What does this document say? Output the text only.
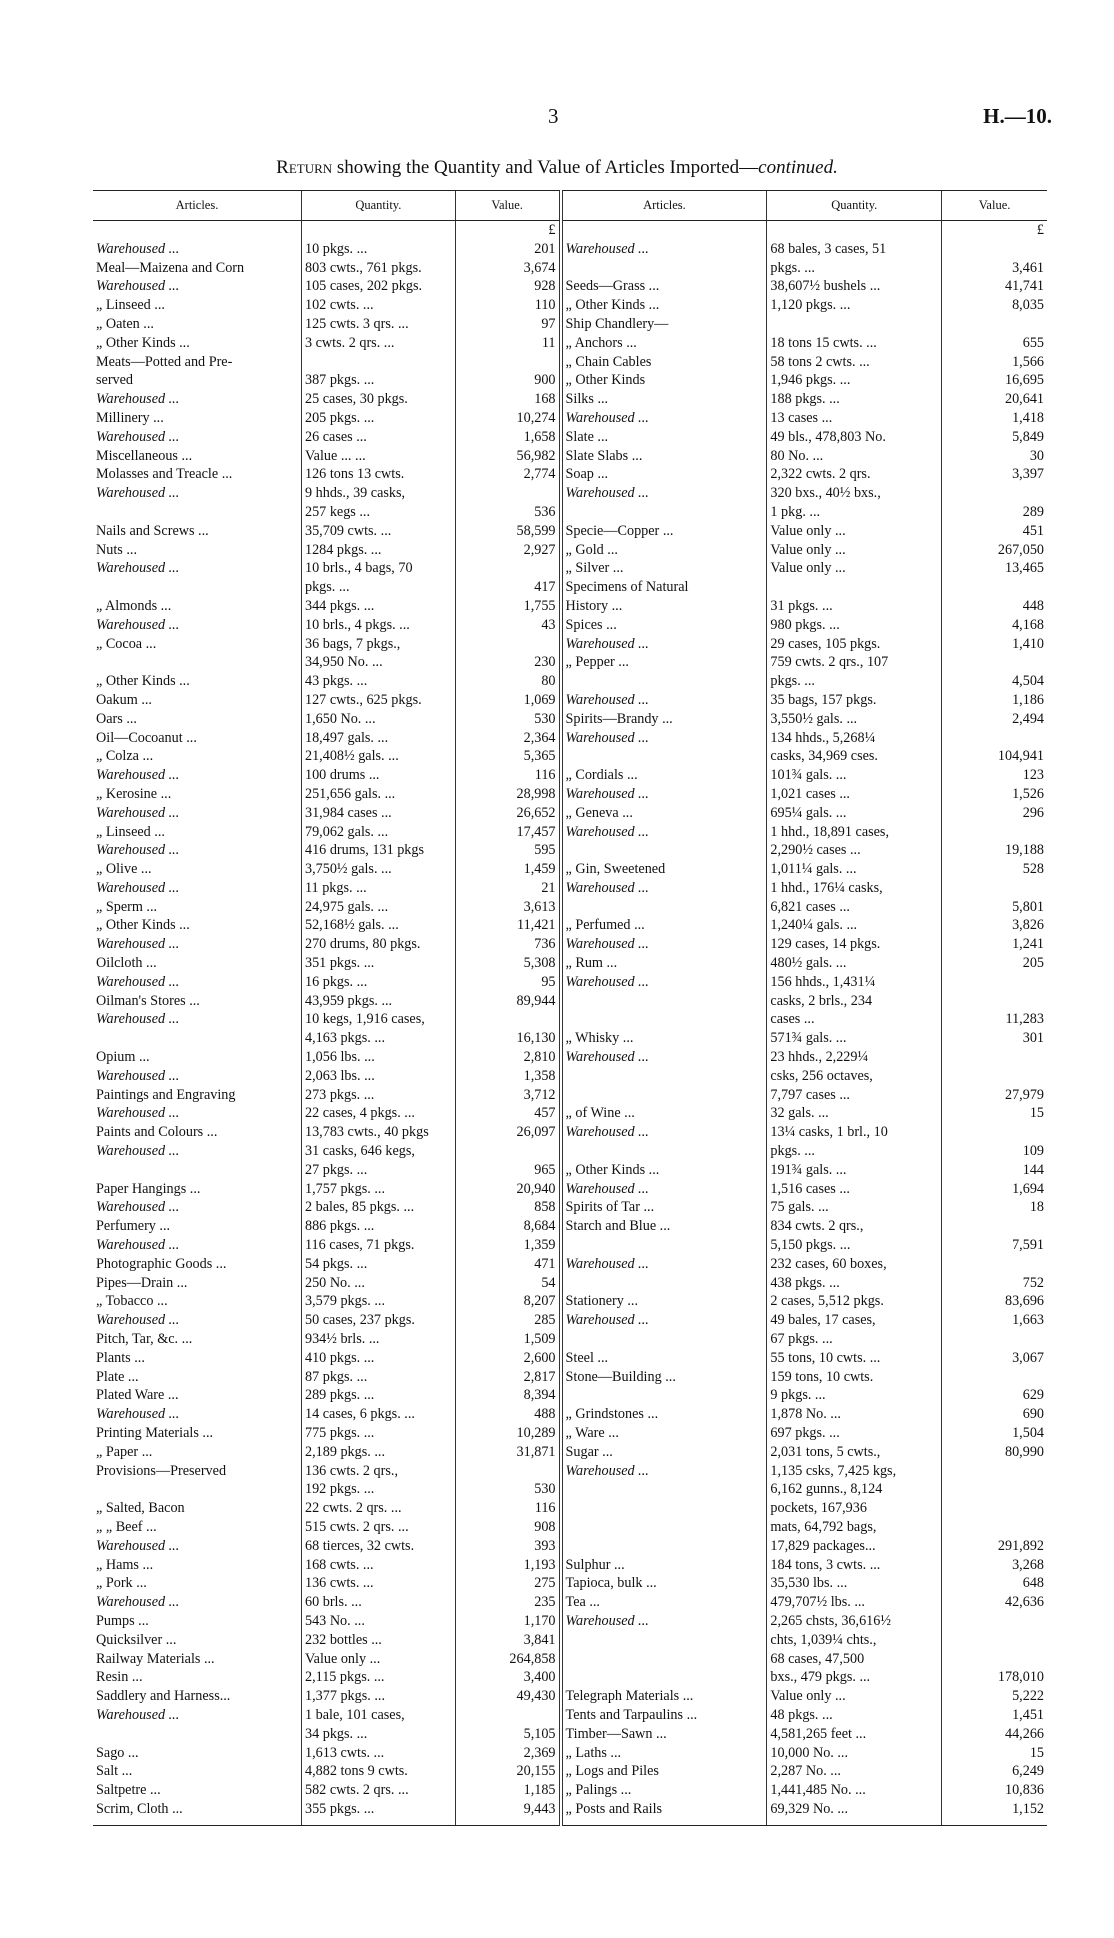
3	H.—10.
Return showing the Quantity and Value of Articles Imported—continued.
Articles.	Quantity.	Value.	Articles.	Quantity.	Value.
		£			£
Warehoused ...	10 pkgs. ...	201	Warehoused ...	68 bales, 3 cases, 51	
Meal—Maizena and Corn	803 cwts., 761 pkgs.	3,674		pkgs. ...	3,461
Warehoused ...	105 cases, 202 pkgs.	928	Seeds—Grass ...	38,607½ bushels ...	41,741
„ Linseed ...	102 cwts. ...	110	„ Other Kinds ...	1,120 pkgs. ...	8,035
„ Oaten ...	125 cwts. 3 qrs. ...	97	Ship Chandlery—		
„ Other Kinds ...	3 cwts. 2 qrs. ...	11	„ Anchors ...	18 tons 15 cwts. ...	655
Meats—Potted and Pre-			„ Chain Cables	58 tons 2 cwts. ...	1,566
served	387 pkgs. ...	900	„ Other Kinds	1,946 pkgs. ...	16,695
Warehoused ...	25 cases, 30 pkgs.	168	Silks ...	188 pkgs. ...	20,641
Millinery ...	205 pkgs. ...	10,274	Warehoused ...	13 cases ...	1,418
Warehoused ...	26 cases ...	1,658	Slate ...	49 bls., 478,803 No.	5,849
Miscellaneous ...	Value ... ...	56,982	Slate Slabs ...	80 No. ...	30
Molasses and Treacle ...	126 tons 13 cwts.	2,774	Soap ...	2,322 cwts. 2 qrs.	3,397
Warehoused ...	9 hhds., 39 casks,		Warehoused ...	320 bxs., 40½ bxs.,	
	257 kegs ...	536		1 pkg. ...	289
Nails and Screws ...	35,709 cwts. ...	58,599	Specie—Copper ...	Value only ...	451
Nuts ...	1284 pkgs. ...	2,927	„ Gold ...	Value only ...	267,050
Warehoused ...	10 brls., 4 bags, 70		„ Silver ...	Value only ...	13,465
	pkgs. ...	417	Specimens of Natural		
„ Almonds ...	344 pkgs. ...	1,755	History ...	31 pkgs. ...	448
Warehoused ...	10 brls., 4 pkgs. ...	43	Spices ...	980 pkgs. ...	4,168
„ Cocoa ...	36 bags, 7 pkgs.,		Warehoused ...	29 cases, 105 pkgs.	1,410
	34,950 No. ...	230	„ Pepper ...	759 cwts. 2 qrs., 107	
„ Other Kinds ...	43 pkgs. ...	80		pkgs. ...	4,504
Oakum ...	127 cwts., 625 pkgs.	1,069	Warehoused ...	35 bags, 157 pkgs.	1,186
Oars ...	1,650 No. ...	530	Spirits—Brandy ...	3,550½ gals. ...	2,494
Oil—Cocoanut ...	18,497 gals. ...	2,364	Warehoused ...	134 hhds., 5,268¼	
„ Colza ...	21,408½ gals. ...	5,365		casks, 34,969 cses.	104,941
Warehoused ...	100 drums ...	116	„ Cordials ...	101¾ gals. ...	123
„ Kerosine ...	251,656 gals. ...	28,998	Warehoused ...	1,021 cases ...	1,526
Warehoused ...	31,984 cases ...	26,652	„ Geneva ...	695¼ gals. ...	296
„ Linseed ...	79,062 gals. ...	17,457	Warehoused ...	1 hhd., 18,891 cases,	
Warehoused ...	416 drums, 131 pkgs	595		2,290½ cases ...	19,188
„ Olive ...	3,750½ gals. ...	1,459	„ Gin, Sweetened	1,011¼ gals. ...	528
Warehoused ...	11 pkgs. ...	21	Warehoused ...	1 hhd., 176¼ casks,	
„ Sperm ...	24,975 gals. ...	3,613		6,821 cases ...	5,801
„ Other Kinds ...	52,168½ gals. ...	11,421	„ Perfumed ...	1,240¼ gals. ...	3,826
Warehoused ...	270 drums, 80 pkgs.	736	Warehoused ...	129 cases, 14 pkgs.	1,241
Oilcloth ...	351 pkgs. ...	5,308	„ Rum ...	480½ gals. ...	205
Warehoused ...	16 pkgs. ...	95	Warehoused ...	156 hhds., 1,431¼	
Oilman's Stores ...	43,959 pkgs. ...	89,944		casks, 2 brls., 234	
Warehoused ...	10 kegs, 1,916 cases,			cases ...	11,283
	4,163 pkgs. ...	16,130	„ Whisky ...	571¾ gals. ...	301
Opium ...	1,056 lbs. ...	2,810	Warehoused ...	23 hhds., 2,229¼	
Warehoused ...	2,063 lbs. ...	1,358		csks, 256 octaves,	
Paintings and Engraving	273 pkgs. ...	3,712		7,797 cases ...	27,979
Warehoused ...	22 cases, 4 pkgs. ...	457	„ of Wine ...	32 gals. ...	15
Paints and Colours ...	13,783 cwts., 40 pkgs	26,097	Warehoused ...	13¼ casks, 1 brl., 10	
Warehoused ...	31 casks, 646 kegs,			pkgs. ...	109
	27 pkgs. ...	965	„ Other Kinds ...	191¾ gals. ...	144
Paper Hangings ...	1,757 pkgs. ...	20,940	Warehoused ...	1,516 cases ...	1,694
Warehoused ...	2 bales, 85 pkgs. ...	858	Spirits of Tar ...	75 gals. ...	18
Perfumery ...	886 pkgs. ...	8,684	Starch and Blue ...	834 cwts. 2 qrs.,	
Warehoused ...	116 cases, 71 pkgs.	1,359		5,150 pkgs. ...	7,591
Photographic Goods ...	54 pkgs. ...	471	Warehoused ...	232 cases, 60 boxes,	
Pipes—Drain ...	250 No. ...	54		438 pkgs. ...	752
„ Tobacco ...	3,579 pkgs. ...	8,207	Stationery ...	2 cases, 5,512 pkgs.	83,696
Warehoused ...	50 cases, 237 pkgs.	285	Warehoused ...	49 bales, 17 cases,	1,663
Pitch, Tar, &c. ...	934½ brls. ...	1,509		67 pkgs. ...	
Plants ...	410 pkgs. ...	2,600	Steel ...	55 tons, 10 cwts. ...	3,067
Plate ...	87 pkgs. ...	2,817	Stone—Building ...	159 tons, 10 cwts.	
Plated Ware ...	289 pkgs. ...	8,394		9 pkgs. ...	629
Warehoused ...	14 cases, 6 pkgs. ...	488	„ Grindstones ...	1,878 No. ...	690
Printing Materials ...	775 pkgs. ...	10,289	„ Ware ...	697 pkgs. ...	1,504
„ Paper ...	2,189 pkgs. ...	31,871	Sugar ...	2,031 tons, 5 cwts.,	80,990
Provisions—Preserved	136 cwts. 2 qrs.,		Warehoused ...	1,135 csks, 7,425 kgs,	
	192 pkgs. ...	530		6,162 gunns., 8,124	
„ Salted, Bacon	22 cwts. 2 qrs. ...	116		pockets, 167,936	
„ „ Beef ...	515 cwts. 2 qrs. ...	908		mats, 64,792 bags,	
Warehoused ...	68 tierces, 32 cwts.	393		17,829 packages...	291,892
„ Hams ...	168 cwts. ...	1,193	Sulphur ...	184 tons, 3 cwts. ...	3,268
„ Pork ...	136 cwts. ...	275	Tapioca, bulk ...	35,530 lbs. ...	648
Warehoused ...	60 brls. ...	235	Tea ...	479,707½ lbs. ...	42,636
Pumps ...	543 No. ...	1,170	Warehoused ...	2,265 chsts, 36,616½	
Quicksilver ...	232 bottles ...	3,841		chts, 1,039¼ chts.,	
Railway Materials ...	Value only ...	264,858		68 cases, 47,500	
Resin ...	2,115 pkgs. ...	3,400		bxs., 479 pkgs. ...	178,010
Saddlery and Harness...	1,377 pkgs. ...	49,430	Telegraph Materials ...	Value only ...	5,222
Warehoused ...	1 bale, 101 cases,		Tents and Tarpaulins ...	48 pkgs. ...	1,451
	34 pkgs. ...	5,105	Timber—Sawn ...	4,581,265 feet ...	44,266
Sago ...	1,613 cwts. ...	2,369	„ Laths ...	10,000 No. ...	15
Salt ...	4,882 tons 9 cwts.	20,155	„ Logs and Piles	2,287 No. ...	6,249
Saltpetre ...	582 cwts. 2 qrs. ...	1,185	„ Palings ...	1,441,485 No. ...	10,836
Scrim, Cloth ...	355 pkgs. ...	9,443	„ Posts and Rails	69,329 No. ...	1,152
